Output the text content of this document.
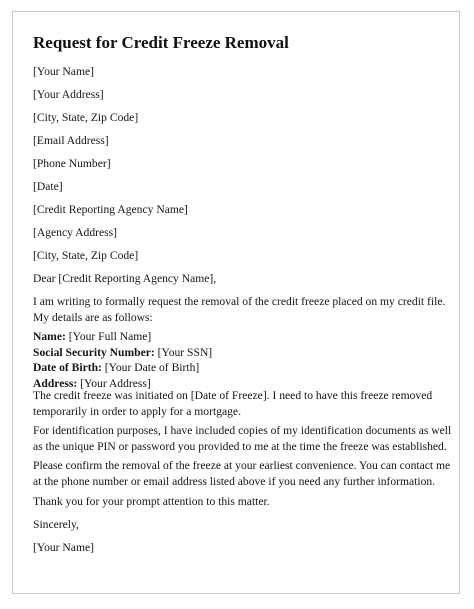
Request for Credit Freeze Removal
[Your Name]
[Your Address]
[City, State, Zip Code]
[Email Address]
[Phone Number]
[Date]
[Credit Reporting Agency Name]
[Agency Address]
[City, State, Zip Code]
Dear [Credit Reporting Agency Name],
I am writing to formally request the removal of the credit freeze placed on my credit file.
My details are as follows:
Name: [Your Full Name]
Social Security Number: [Your SSN]
Date of Birth: [Your Date of Birth]
Address: [Your Address]
The credit freeze was initiated on [Date of Freeze]. I need to have this freeze removed
temporarily in order to apply for a mortgage.
For identification purposes, I have included copies of my identification documents as well
as the unique PIN or password you provided to me at the time the freeze was established.
Please confirm the removal of the freeze at your earliest convenience. You can contact me
at the phone number or email address listed above if you need any further information.
Thank you for your prompt attention to this matter.
Sincerely,
[Your Name]
